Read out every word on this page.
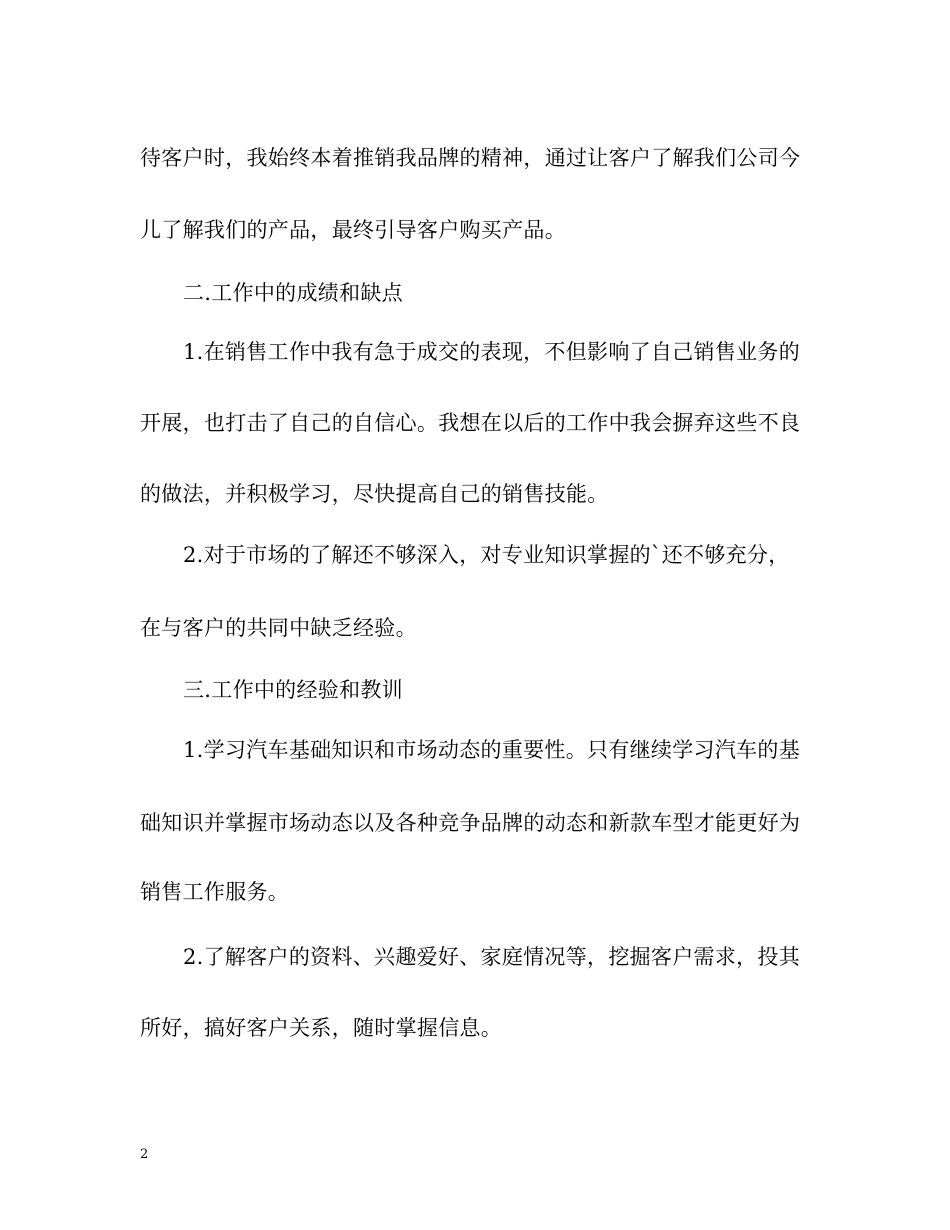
待客户时，我始终本着推销我品牌的精神，通过让客户了解我们公司今
儿了解我们的产品，最终引导客户购买产品。
二.工作中的成绩和缺点
1.在销售工作中我有急于成交的表现，不但影响了自己销售业务的
开展，也打击了自己的自信心。我想在以后的工作中我会摒弃这些不良
的做法，并积极学习，尽快提高自己的销售技能。
2.对于市场的了解还不够深入，对专业知识掌握的`还不够充分，
在与客户的共同中缺乏经验。
三.工作中的经验和教训
1.学习汽车基础知识和市场动态的重要性。只有继续学习汽车的基
础知识并掌握市场动态以及各种竞争品牌的动态和新款车型才能更好为
销售工作服务。
2.了解客户的资料、兴趣爱好、家庭情况等，挖掘客户需求，投其
所好，搞好客户关系，随时掌握信息。
2
